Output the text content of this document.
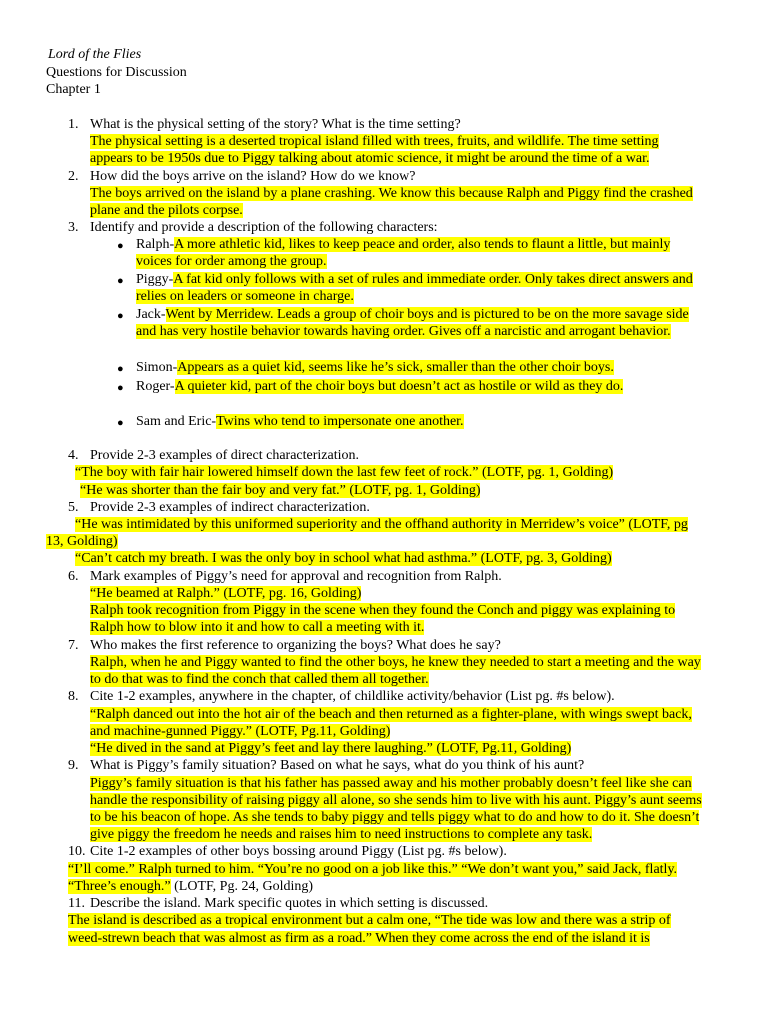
Lord of the Flies
Questions for Discussion
Chapter 1
1. What is the physical setting of the story? What is the time setting?
The physical setting is a deserted tropical island filled with trees, fruits, and wildlife. The time setting
appears to be 1950s due to Piggy talking about atomic science, it might be around the time of a war.
2. How did the boys arrive on the island? How do we know?
The boys arrived on the island by a plane crashing. We know this because Ralph and Piggy find the crashed
plane and the pilots corpse.
3. Identify and provide a description of the following characters:
● Ralph-A more athletic kid, likes to keep peace and order, also tends to flaunt a little, but mainly
voices for order among the group.
● Piggy-A fat kid only follows with a set of rules and immediate order. Only takes direct answers and
relies on leaders or someone in charge.
● Jack-Went by Merridew. Leads a group of choir boys and is pictured to be on the more savage side
and has very hostile behavior towards having order. Gives off a narcistic and arrogant behavior.
● Simon-Appears as a quiet kid, seems like he’s sick, smaller than the other choir boys.
● Roger-A quieter kid, part of the choir boys but doesn’t act as hostile or wild as they do.
● Sam and Eric-Twins who tend to impersonate one another.
4. Provide 2-3 examples of direct characterization.
“The boy with fair hair lowered himself down the last few feet of rock.” (LOTF, pg. 1, Golding)
“He was shorter than the fair boy and very fat.” (LOTF, pg. 1, Golding)
5. Provide 2-3 examples of indirect characterization.
“He was intimidated by this uniformed superiority and the offhand authority in Merridew’s voice” (LOTF, pg
13, Golding)
“Can’t catch my breath. I was the only boy in school what had asthma.” (LOTF, pg. 3, Golding)
6. Mark examples of Piggy’s need for approval and recognition from Ralph.
“He beamed at Ralph.” (LOTF, pg. 16, Golding)
Ralph took recognition from Piggy in the scene when they found the Conch and piggy was explaining to
Ralph how to blow into it and how to call a meeting with it.
7. Who makes the first reference to organizing the boys? What does he say?
Ralph, when he and Piggy wanted to find the other boys, he knew they needed to start a meeting and the way
to do that was to find the conch that called them all together.
8. Cite 1-2 examples, anywhere in the chapter, of childlike activity/behavior (List pg. #s below).
“Ralph danced out into the hot air of the beach and then returned as a fighter-plane, with wings swept back,
and machine-gunned Piggy.” (LOTF, Pg.11, Golding)
“He dived in the sand at Piggy’s feet and lay there laughing.” (LOTF, Pg.11, Golding)
9. What is Piggy’s family situation? Based on what he says, what do you think of his aunt?
Piggy’s family situation is that his father has passed away and his mother probably doesn’t feel like she can
handle the responsibility of raising piggy all alone, so she sends him to live with his aunt. Piggy’s aunt seems
to be his beacon of hope. As she tends to baby piggy and tells piggy what to do and how to do it. She doesn’t
give piggy the freedom he needs and raises him to need instructions to complete any task.
10. Cite 1-2 examples of other boys bossing around Piggy (List pg. #s below).
“I’ll come.” Ralph turned to him. “You’re no good on a job like this.” “We don’t want you,” said Jack, flatly.
“Three’s enough.” (LOTF, Pg. 24, Golding)
11. Describe the island. Mark specific quotes in which setting is discussed.
The island is described as a tropical environment but a calm one, “The tide was low and there was a strip of
weed-strewn beach that was almost as firm as a road.” When they come across the end of the island it is
